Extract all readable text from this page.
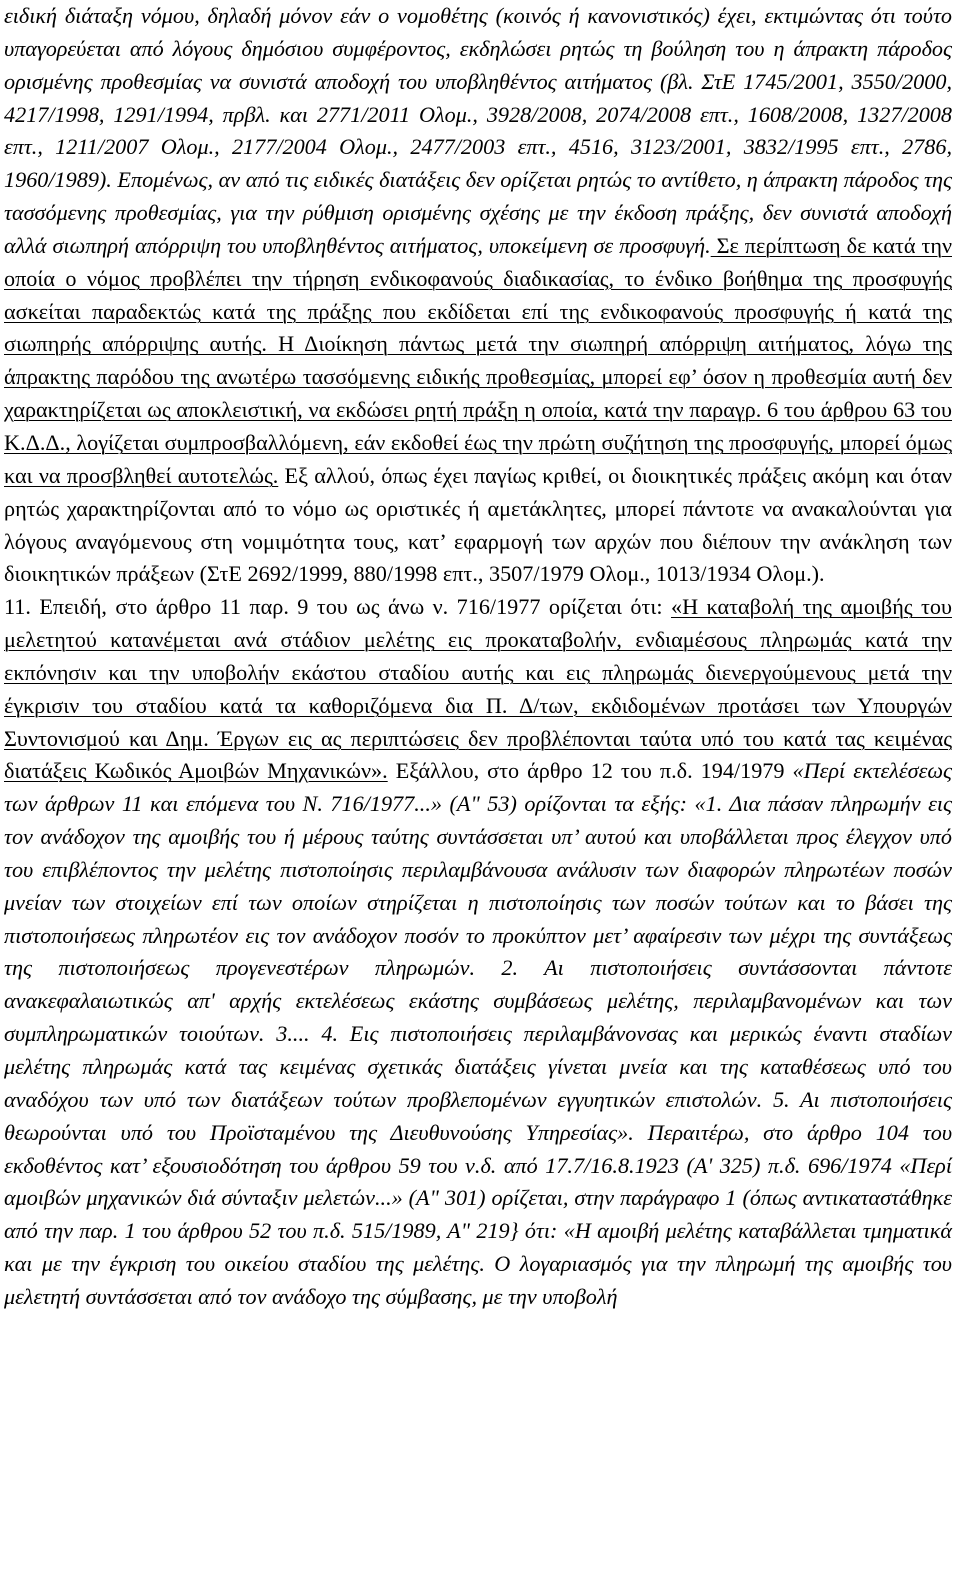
ειδική διάταξη νόμου, δηλαδή μόνον εάν ο νομοθέτης (κοινός ή κανονιστικός) έχει, εκτιμώντας ότι τούτο υπαγορεύεται από λόγους δημόσιου συμφέροντος, εκδηλώσει ρητώς τη βούληση του η άπρακτη πάροδος ορισμένης προθεσμίας να συνιστά αποδοχή του υποβληθέντος αιτήματος (βλ. ΣτΕ 1745/2001, 3550/2000, 4217/1998, 1291/1994, πρβλ. και 2771/2011 Ολομ., 3928/2008, 2074/2008 επτ., 1608/2008, 1327/2008 επτ., 1211/2007 Ολομ., 2177/2004 Ολομ., 2477/2003 επτ., 4516, 3123/2001, 3832/1995 επτ., 2786, 1960/1989). Επομένως, αν από τις ειδικές διατάξεις δεν ορίζεται ρητώς το αντίθετο, η άπρακτη πάροδος της τασσόμενης προθεσμίας, για την ρύθμιση ορισμένης σχέσης με την έκδοση πράξης, δεν συνιστά αποδοχή αλλά σιωπηρή απόρριψη του υποβληθέντος αιτήματος, υποκείμενη σε προσφυγή. Σε περίπτωση δε κατά την οποία ο νόμος προβλέπει την τήρηση ενδικοφανούς διαδικασίας, το ένδικο βοήθημα της προσφυγής ασκείται παραδεκτώς κατά της πράξης που εκδίδεται επί της ενδικοφανούς προσφυγής ή κατά της σιωπηρής απόρριψης αυτής. Η Διοίκηση πάντως μετά την σιωπηρή απόρριψη αιτήματος, λόγω της άπρακτης παρόδου της ανωτέρω τασσόμενης ειδικής προθεσμίας, μπορεί εφ’ όσον η προθεσμία αυτή δεν χαρακτηρίζεται ως αποκλειστική, να εκδώσει ρητή πράξη η οποία, κατά την παραγρ. 6 του άρθρου 63 του Κ.Δ.Δ., λογίζεται συμπροσβαλλόμενη, εάν εκδοθεί έως την πρώτη συζήτηση της προσφυγής, μπορεί όμως και να προσβληθεί αυτοτελώς. Εξ αλλού, όπως έχει παγίως κριθεί, οι διοικητικές πράξεις ακόμη και όταν ρητώς χαρακτηρίζονται από το νόμο ως οριστικές ή αμετάκλητες, μπορεί πάντοτε να ανακαλούνται για λόγους αναγόμενους στη νομιμότητα τους, κατ’ εφαρμογή των αρχών που διέπουν την ανάκληση των διοικητικών πράξεων (ΣτΕ 2692/1999, 880/1998 επτ., 3507/1979 Ολομ., 1013/1934 Ολομ.).

11. Επειδή, στο άρθρο 11 παρ. 9 του ως άνω ν. 716/1977 ορίζεται ότι: «Η καταβολή της αμοιβής του μελετητού κατανέμεται ανά στάδιον μελέτης εις προκαταβολήν, ενδιαμέσους πληρωμάς κατά την εκπόνησιν και την υποβολήν εκάστου σταδίου αυτής και εις πληρωμάς διενεργούμενους μετά την έγκρισιν του σταδίου κατά τα καθοριζόμενα δια Π. Δ/των, εκδιδομένων προτάσει των Υπουργών Συντονισμού και Δημ. Έργων εις ας περιπτώσεις δεν προβλέπονται ταύτα υπό του κατά τας κειμένας διατάξεις Κωδικός Αμοιβών Μηχανικών». Εξάλλου, στο άρθρο 12 του π.δ. 194/1979 «Περί εκτελέσεως των άρθρων 11 και επόμενα του Ν. 716/1977...» (Α" 53) ορίζονται τα εξής: «1. Δια πάσαν πληρωμήν εις τον ανάδοχον της αμοιβής του ή μέρους ταύτης συντάσσεται υπ’ αυτού και υποβάλλεται προς έλεγχον υπό του επιβλέποντος την μελέτης πιστοποίησις περιλαμβάνουσα ανάλυσιν των διαφορών πληρωτέων ποσών μνείαν των στοιχείων επί των οποίων στηρίζεται η πιστοποίησις των ποσών τούτων και το βάσει της πιστοποιήσεως πληρωτέον εις τον ανάδοχον ποσόν το προκύπτον μετ’ αφαίρεσιν των μέχρι της συντάξεως της πιστοποιήσεως προγενεστέρων πληρωμών. 2. Αι πιστοποιήσεις συντάσσονται πάντοτε ανακεφαλαιωτικώς απ' αρχής εκτελέσεως εκάστης συμβάσεως μελέτης, περιλαμβανομένων και των συμπληρωματικών τοιούτων. 3.... 4. Εις πιστοποιήσεις περιλαμβάνονσας και μερικώς έναντι σταδίων μελέτης πληρωμάς κατά τας κειμένας σχετικάς διατάξεις γίνεται μνεία και της καταθέσεως υπό του αναδόχου των υπό των διατάξεων τούτων προβλεπομένων εγγυητικών επιστολών. 5. Αι πιστοποιήσεις θεωρούνται υπό του Προϊσταμένου της Διευθυνούσης Υπηρεσίας». Περαιτέρω, στο άρθρο 104 του εκδοθέντος κατ’ εξουσιοδότηση του άρθρου 59 του ν.δ. από 17.7/16.8.1923 (Α' 325) π.δ. 696/1974 «Περί αμοιβών μηχανικών διά σύνταξιν μελετών...» (Α" 301) ορίζεται, στην παράγραφο 1 (όπως αντικαταστάθηκε από την παρ. 1 του άρθρου 52 του π.δ. 515/1989, Α" 219} ότι: «Η αμοιβή μελέτης καταβάλλεται τμηματικά και με την έγκριση του οικείου σταδίου της μελέτης. Ο λογαριασμός για την πληρωμή της αμοιβής του μελετητή συντάσσεται από τον ανάδοχο της σύμβασης, με την υποβολή
